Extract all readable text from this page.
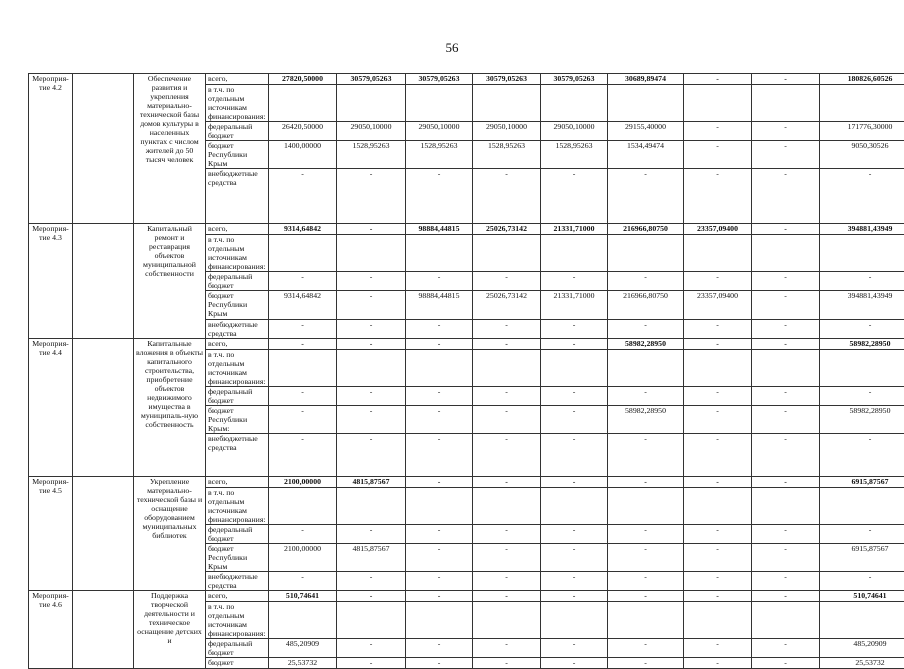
56
Мероприя-
тие 4.2		Обеспечение развития и укрепления материально-технической базы домов культуры в населенных пунктах с числом жителей до 50 тысяч человек	всего,	27820,50000	30579,05263	30579,05263	30579,05263	30579,05263	30689,89474	-	-	180826,60526
			в т.ч. по отдельным источникам финансирования:									
			федеральный бюджет	26420,50000	29050,10000	29050,10000	29050,10000	29050,10000	29155,40000	-	-	171776,30000
			бюджет Республики Крым	1400,00000	1528,95263	1528,95263	1528,95263	1528,95263	1534,49474	-	-	9050,30526
			внебюджетные средства	-	-	-	-	-	-	-	-	-
Мероприя-
тие 4.3		Капитальный ремонт и реставрация объектов муниципальной собственности	всего,	9314,64842	-	98884,44815	25026,73142	21331,71000	216966,80750	23357,09400	-	394881,43949
			в т.ч. по отдельным источникам финансирования:									
			федеральный бюджет	-	-	-	-	-	-	-	-	-
			бюджет Республики Крым	9314,64842	-	98884,44815	25026,73142	21331,71000	216966,80750	23357,09400	-	394881,43949
			внебюджетные средства	-	-	-	-	-	-	-	-	-
Мероприя-
тие 4.4		Капитальные вложения в объекты капитального строительства, приобретение объектов недвижимого имущества в муниципаль-ную собственность	всего,	-	-	-	-	-	58982,28950	-	-	58982,28950
			в т.ч. по отдельным источникам финансирования:									
			федеральный бюджет	-	-	-	-	-	-	-	-	-
			бюджет Республики Крым:	-	-	-	-	-	58982,28950	-	-	58982,28950
			внебюджетные средства	-	-	-	-	-	-	-	-	-
Мероприя-
тие 4.5		Укрепление материально-технической базы и оснащение оборудованием муниципальных библиотек	всего,	2100,00000	4815,87567	-	-	-	-	-	-	6915,87567
			в т.ч. по отдельным источникам финансирования:									
			федеральный бюджет	-	-	-	-	-	-	-	-	-
			бюджет Республики Крым	2100,00000	4815,87567	-	-	-	-	-	-	6915,87567
			внебюджетные средства	-	-	-	-	-	-	-	-	-
Мероприя-
тие 4.6		Поддержка творческой деятельности и техническое оснащение детских и	всего,	510,74641	-	-	-	-	-	-	-	510,74641
			в т.ч. по отдельным источникам финансирования:									
			федеральный бюджет	485,20909	-	-	-	-	-	-	-	485,20909
			бюджет	25,53732	-	-	-	-	-	-	-	25,53732
